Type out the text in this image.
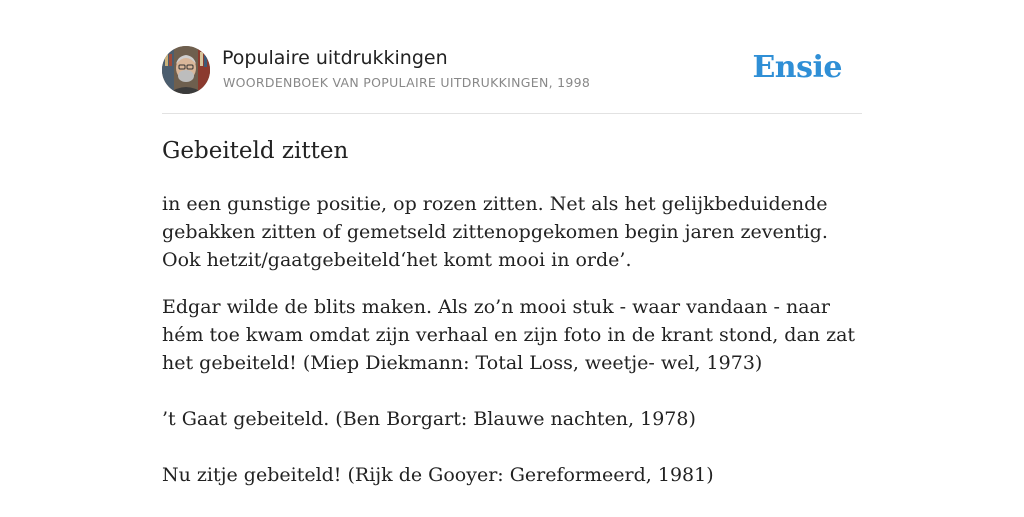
Populaire uitdrukkingen
WOORDENBOEK VAN POPULAIRE UITDRUKKINGEN, 1998	Ensie
Gebeiteld zitten

in een gunstige positie, op rozen zitten. Net als het gelijkbeduidende gebakken zitten of gemetseld zittenopgekomen begin jaren zeventig. Ook hetzit/gaatgebeiteld‘het komt mooi in orde’.

Edgar wilde de blits maken. Als zo’n mooi stuk - waar vandaan - naar hém toe kwam omdat zijn verhaal en zijn foto in de krant stond, dan zat het gebeiteld! (Miep Diekmann: Total Loss, weetje- wel, 1973)

’t Gaat gebeiteld. (Ben Borgart: Blauwe nachten, 1978)

Nu zitje gebeiteld! (Rijk de Gooyer: Gereformeerd, 1981)
